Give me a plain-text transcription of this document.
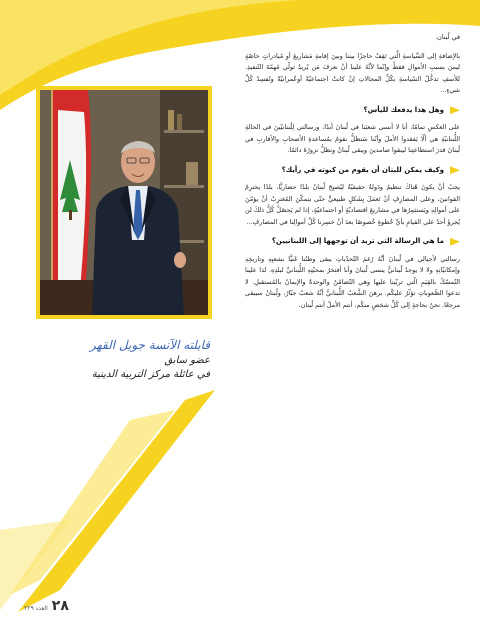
في لُبنان.

بالإضافةِ إلى السِّياسةِ الَّتي تَقِفُ حاجزًا بيننا وبينَ إقامةِ مَشاريعَ أو مُبادراتٍ خاصّةٍ ليسَ بسببِ الأموالِ فقطْ وإنّما لأنَّهُ علينا أنْ نعرفَ مَن يُريدُ تولّي مُهمّةَ التّنفيذِ. للأسفِ تدخُّلُ السّياسةِ بكُلِّ المجالاتِ إنْ كانتْ اجتماعيّةً أوعُمرانيّةً وتُفسِدُ كُلَّ شيءٍ...

وهل هذا يدفعك لليأس؟

على العكسِ تمامًا، أنا لا أنسى شعبَنا في لُبنانَ أبدًا، ورسالتي لِلُبنانيّينَ في الحالةِ اللُّبنانيّةِ هي ألّا يَفقدوا الأملَ وأنّنا سَنظلُّ نقومُ بمُساعدةِ الأصحابِ والأقاربِ في لُبنانَ قدرَ استطاعتِنا ليبقوا صامدينَ ويبقى لُبنانُ ونظلُّ نزورُهُ دائمًا.

وكيف يمكن للبنان أن يقوم من كبوته في رأيك؟

يجبُ أنْ يكونَ هُناكَ تنظيمٌ ودَولةٌ حقيقيّةٌ ليُصبِحَ لُبنانُ بلدًا حضاريًّا، بلدًا يحترِمُ القوانينَ، وعلى المصارِفِ أنْ تَعمَلَ بِشَكلٍ طبيعيٍّ حتّى يتمكّنَ المُغترِبُ أنْ يؤمّنَ على أموالِهِ ويَستثمِرُها في مشاريعَ اقتصاديّةٍ أو اجتماعيّةٍ، إذا لم يَحصُلْ كُلُّ ذلكَ لن يُجرؤَ أحدٌ على القيامِ بأيِّ خُطوةٍ خُصوصًا بعدَ أنْ خسِرنا كُلَّ أموالِنا في المصارفِ...

ما هي الرسالة التي تريد أن توجهها إلى اللبنانيين؟

رسالتي لأجيالي في لُبنانَ أنَّهُ رُغمَ التّحدّياتِ يبقى وطنُنا غَنيًّا بشعبِهِ وتاريخِهِ وإمكانيّاتِهِ ولا لا يوجدُ لُبنانيٌّ ينسى لُبنانَ وأنا أفتخرُ بمحبّتِهِ اللُّبنانيِّ لبلدِهِ. لذا علينا التّمسّكُ بالقِيَمِ الّتي تربّينا عليها وهي التّضامُنُ والوحدةُ والإيمانُ بالمُستقبلِ. لا تدعوا الصُّعوباتِ تؤثّرُ عليكُم. برهنَ الشَّعبُ اللُّبنانيُّ أنَّهُ شعبٌ جبّارٌ، ولُبنانُ سيبقى مرجعًا. نحنُ بحاجةٍ إلى كُلِّ شخصٍ منكُم، أنتم الأملُ أنتم لُبنان.

قابلته الآنسة جويل القهر
عضو سابق
في عائلة مركز التربية الدينية
٢٨
العدد ٢٢٩
